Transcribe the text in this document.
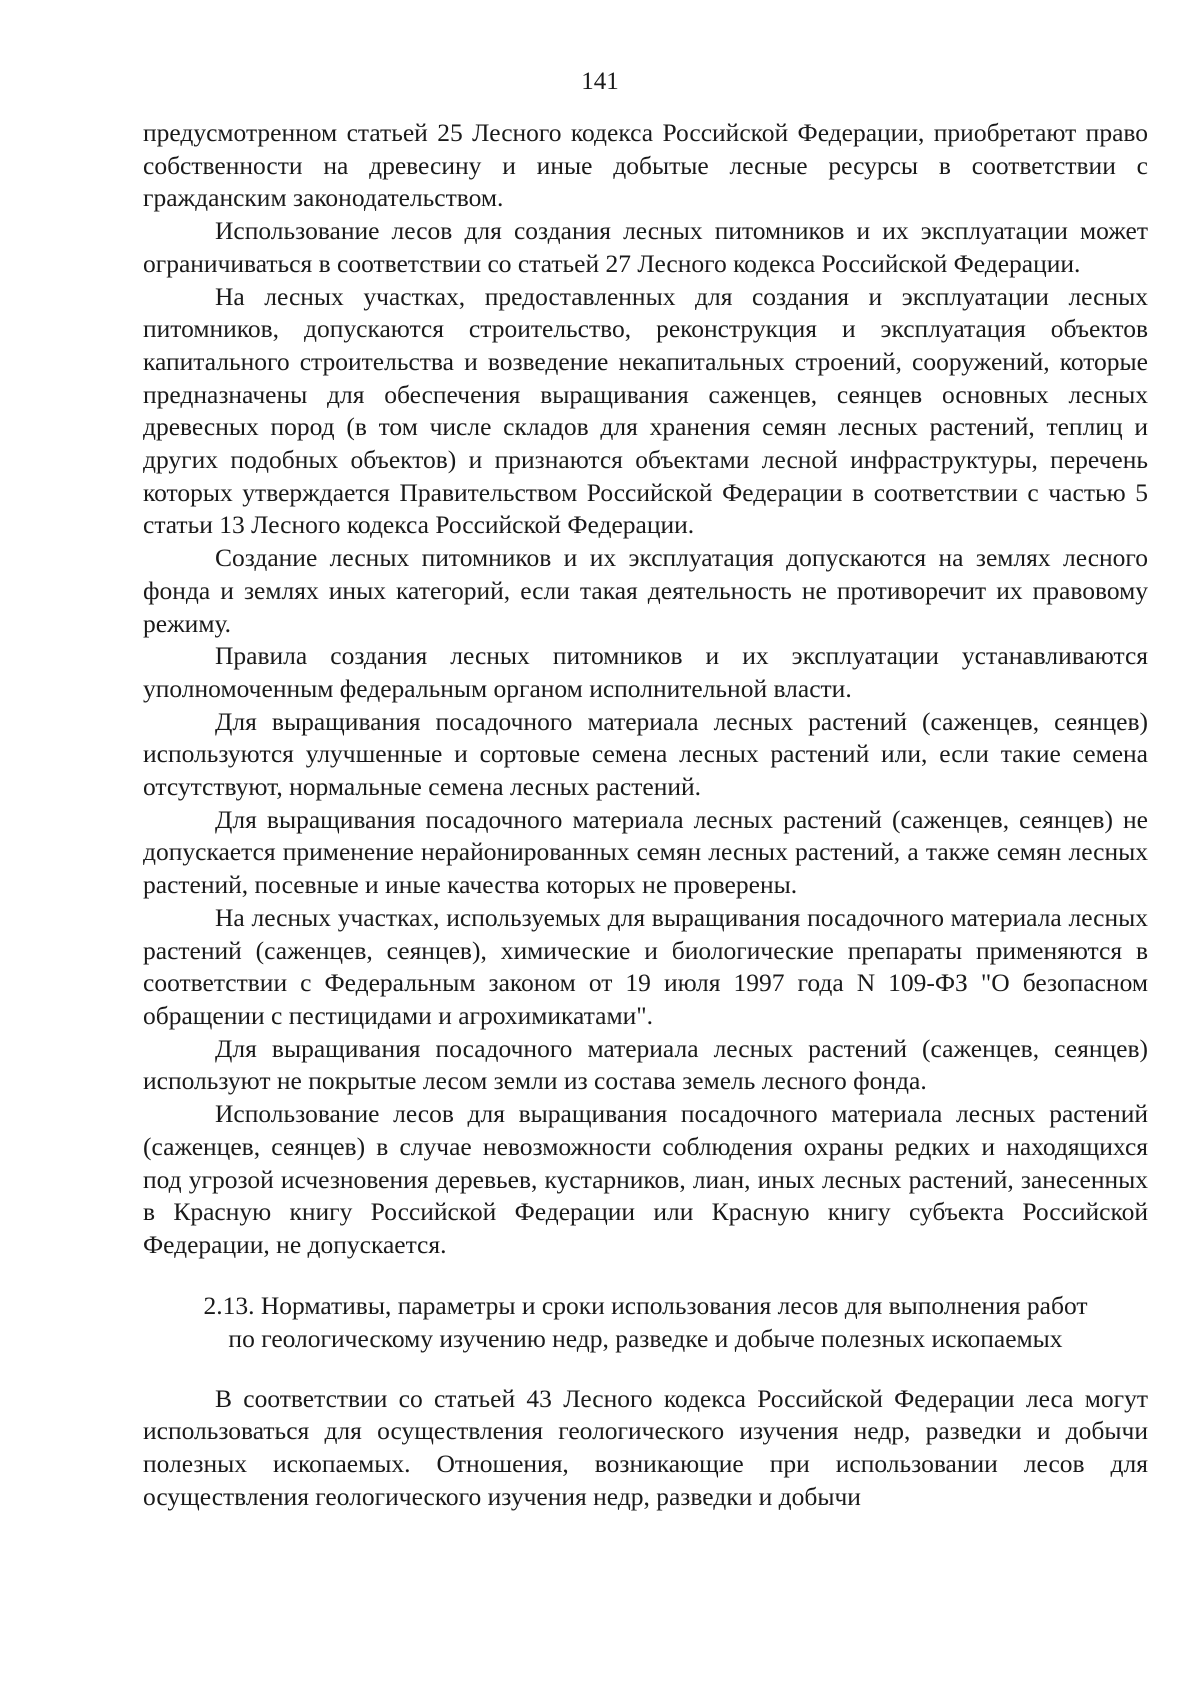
141

предусмотренном статьей 25 Лесного кодекса Российской Федерации, приобретают право собственности на древесину и иные добытые лесные ресурсы в соответствии с гражданским законодательством.

Использование лесов для создания лесных питомников и их эксплуатации может ограничиваться в соответствии со статьей 27 Лесного кодекса Российской Федерации.

На лесных участках, предоставленных для создания и эксплуатации лесных питомников, допускаются строительство, реконструкция и эксплуатация объектов капитального строительства и возведение некапитальных строений, сооружений, которые предназначены для обеспечения выращивания саженцев, сеянцев основных лесных древесных пород (в том числе складов для хранения семян лесных растений, теплиц и других подобных объектов) и признаются объектами лесной инфраструктуры, перечень которых утверждается Правительством Российской Федерации в соответствии с частью 5 статьи 13 Лесного кодекса Российской Федерации.

Создание лесных питомников и их эксплуатация допускаются на землях лесного фонда и землях иных категорий, если такая деятельность не противоречит их правовому режиму.

Правила создания лесных питомников и их эксплуатации устанавливаются уполномоченным федеральным органом исполнительной власти.

Для выращивания посадочного материала лесных растений (саженцев, сеянцев) используются улучшенные и сортовые семена лесных растений или, если такие семена отсутствуют, нормальные семена лесных растений.

Для выращивания посадочного материала лесных растений (саженцев, сеянцев) не допускается применение нерайонированных семян лесных растений, а также семян лесных растений, посевные и иные качества которых не проверены.

На лесных участках, используемых для выращивания посадочного материала лесных растений (саженцев, сеянцев), химические и биологические препараты применяются в соответствии с Федеральным законом от 19 июля 1997 года N 109-ФЗ "О безопасном обращении с пестицидами и агрохимикатами".

Для выращивания посадочного материала лесных растений (саженцев, сеянцев) используют не покрытые лесом земли из состава земель лесного фонда.

Использование лесов для выращивания посадочного материала лесных растений (саженцев, сеянцев) в случае невозможности соблюдения охраны редких и находящихся под угрозой исчезновения деревьев, кустарников, лиан, иных лесных растений, занесенных в Красную книгу Российской Федерации или Красную книгу субъекта Российской Федерации, не допускается.

2.13. Нормативы, параметры и сроки использования лесов для выполнения работ
по геологическому изучению недр, разведке и добыче полезных ископаемых

В соответствии со статьей 43 Лесного кодекса Российской Федерации леса могут использоваться для осуществления геологического изучения недр, разведки и добычи полезных ископаемых. Отношения, возникающие при использовании лесов для осуществления геологического изучения недр, разведки и добычи
